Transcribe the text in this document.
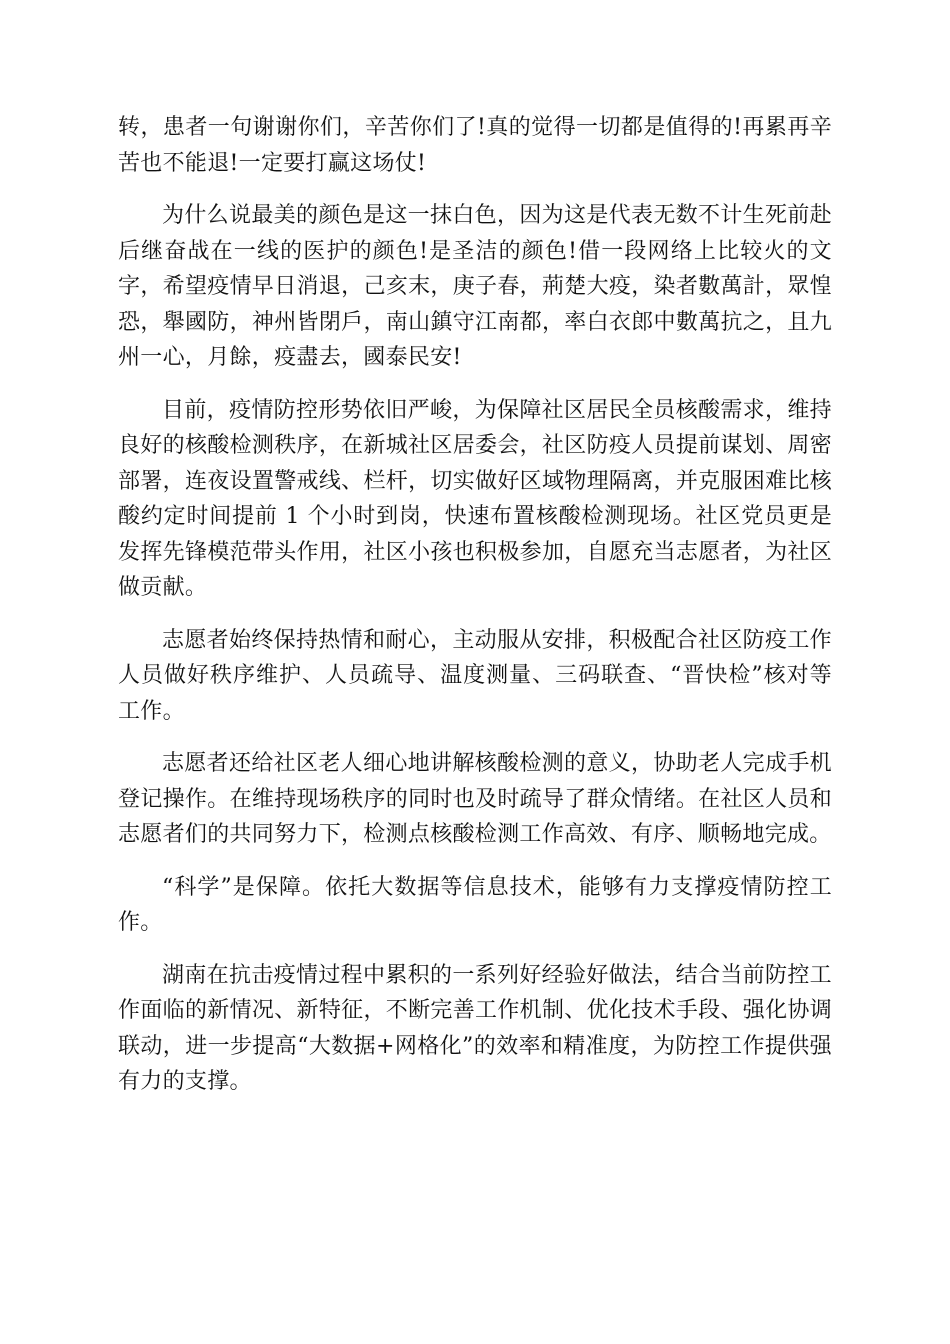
转，患者一句谢谢你们，辛苦你们了!真的觉得一切都是值得的!再累再辛苦也不能退!一定要打赢这场仗!

为什么说最美的颜色是这一抹白色，因为这是代表无数不计生死前赴后继奋战在一线的医护的颜色!是圣洁的颜色!借一段网络上比较火的文字，希望疫情早日消退，己亥末，庚子春，荊楚大疫，染者數萬計，眾惶恐，舉國防，神州皆閉戶，南山鎮守江南都，率白衣郎中數萬抗之，且九州一心，月餘，疫盡去，國泰民安!

目前，疫情防控形势依旧严峻，为保障社区居民全员核酸需求，维持良好的核酸检测秩序，在新城社区居委会，社区防疫人员提前谋划、周密部署，连夜设置警戒线、栏杆，切实做好区域物理隔离，并克服困难比核酸约定时间提前 1 个小时到岗，快速布置核酸检测现场。社区党员更是发挥先锋模范带头作用，社区小孩也积极参加，自愿充当志愿者，为社区做贡献。

志愿者始终保持热情和耐心，主动服从安排，积极配合社区防疫工作人员做好秩序维护、人员疏导、温度测量、三码联查、“晋快检”核对等工作。

志愿者还给社区老人细心地讲解核酸检测的意义，协助老人完成手机登记操作。在维持现场秩序的同时也及时疏导了群众情绪。在社区人员和志愿者们的共同努力下，检测点核酸检测工作高效、有序、顺畅地完成。

“科学”是保障。依托大数据等信息技术，能够有力支撑疫情防控工作。

湖南在抗击疫情过程中累积的一系列好经验好做法，结合当前防控工作面临的新情况、新特征，不断完善工作机制、优化技术手段、强化协调联动，进一步提高“大数据+网格化”的效率和精准度，为防控工作提供强有力的支撑。
